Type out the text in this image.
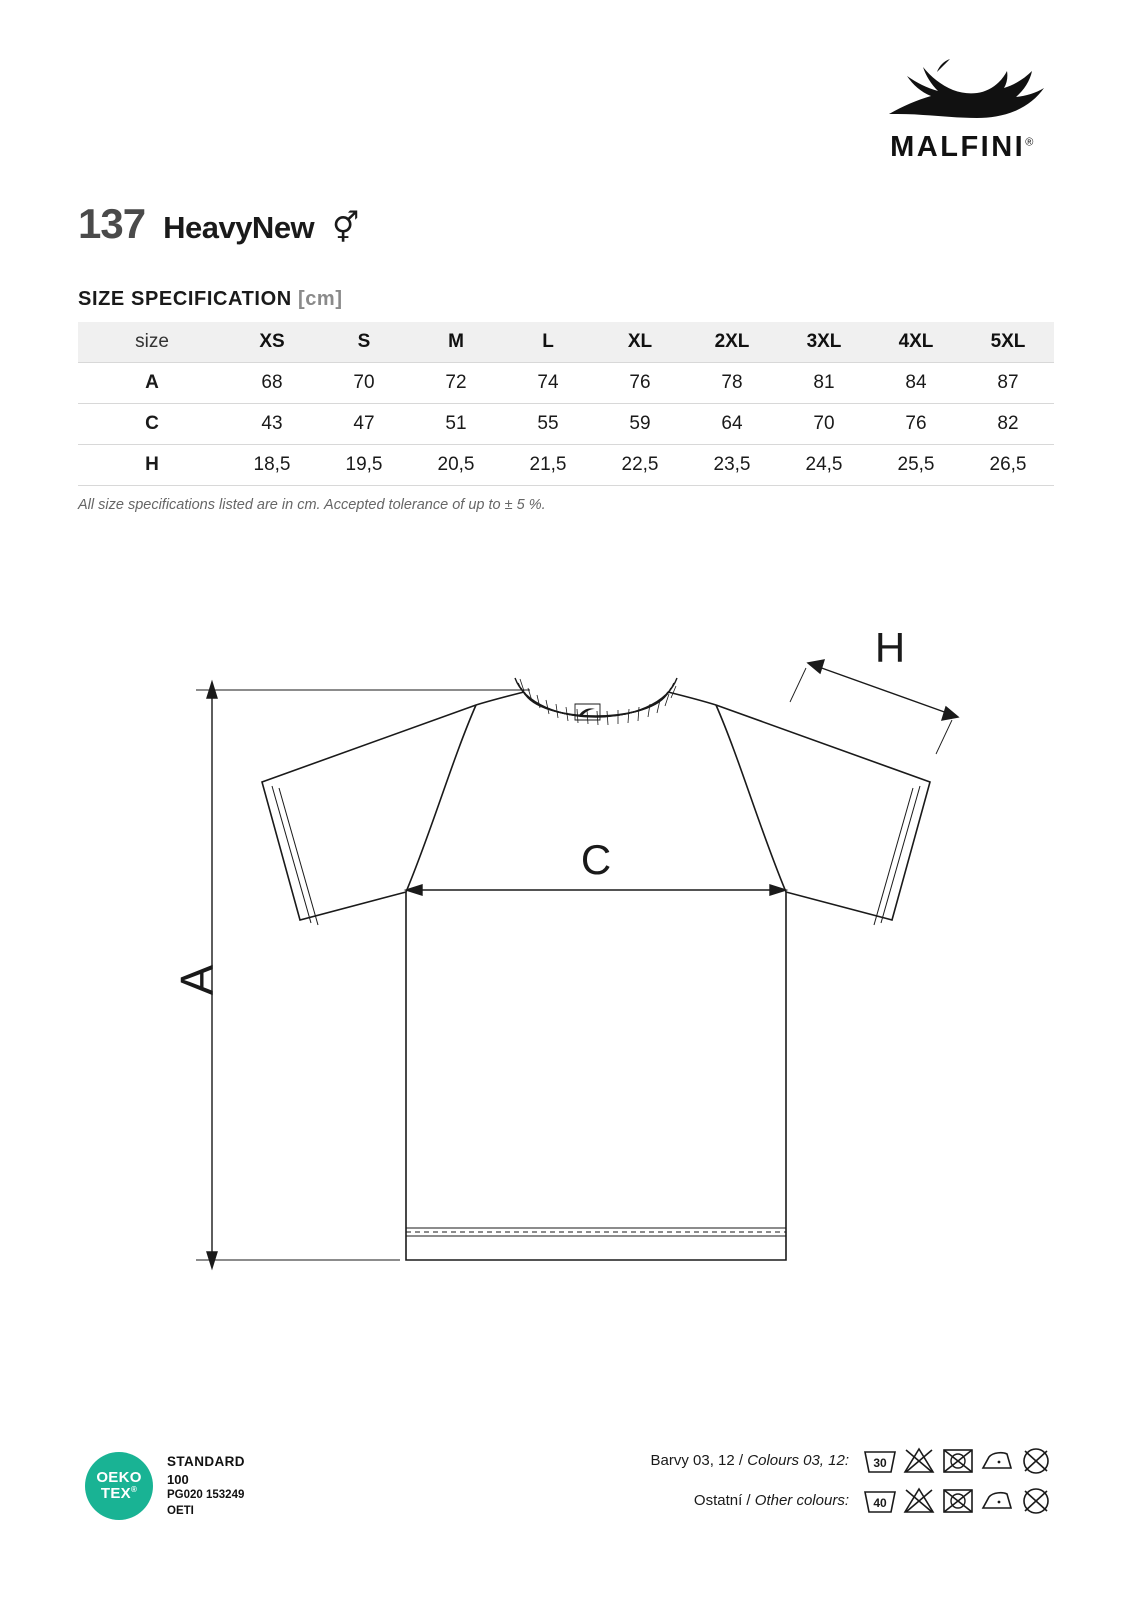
MALFINI®
137 HeavyNew ⚥
SIZE SPECIFICATION [cm]
size	XS	S	M	L	XL	2XL	3XL	4XL	5XL
A	68	70	72	74	76	78	81	84	87
C	43	47	51	55	59	64	70	76	82
H	18,5	19,5	20,5	21,5	22,5	23,5	24,5	25,5	26,5
All size specifications listed are in cm. Accepted tolerance of up to ± 5 %.
A
C
H
OEKO
TEX®
STANDARD
100
PG020 153249
OETI
Barvy 03, 12 / Colours 03, 12: 30
Ostatní / Other colours: 40
